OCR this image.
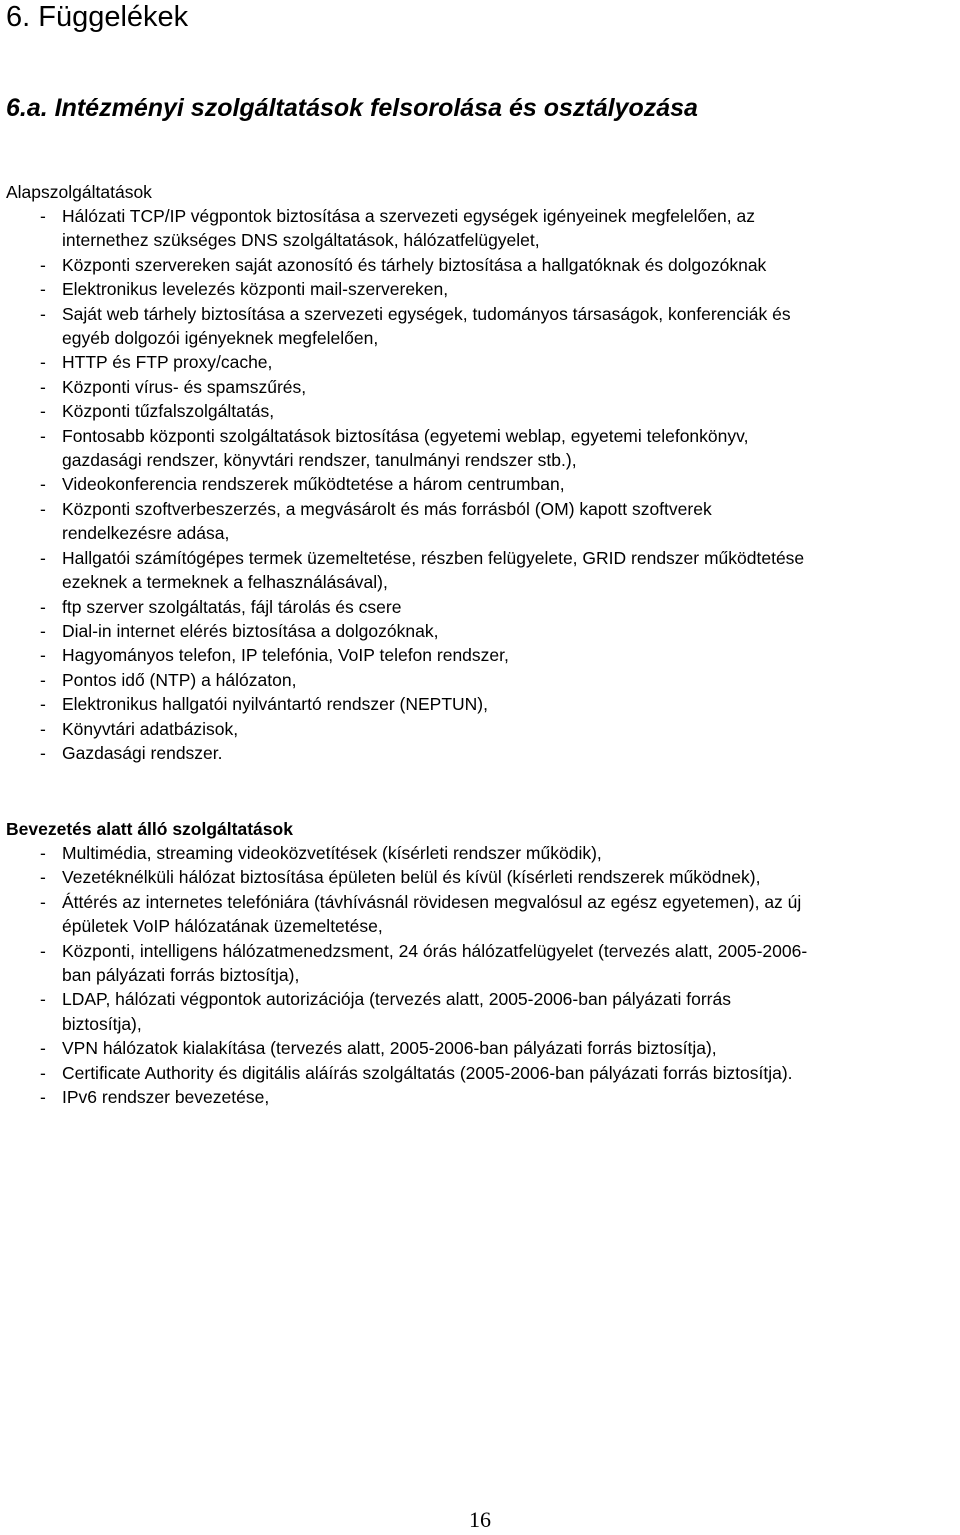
6. Függelékek
6.a. Intézményi szolgáltatások felsorolása és osztályozása
Alapszolgáltatások
- Hálózati TCP/IP végpontok biztosítása a szervezeti egységek igényeinek megfelelően, az
internethez szükséges DNS szolgáltatások, hálózatfelügyelet,
- Központi szervereken saját azonosító és tárhely biztosítása a hallgatóknak és dolgozóknak
- Elektronikus levelezés központi mail-szervereken,
- Saját web tárhely biztosítása a szervezeti egységek, tudományos társaságok, konferenciák és
egyéb dolgozói igényeknek megfelelően,
- HTTP és FTP proxy/cache,
- Központi vírus- és spamszűrés,
- Központi tűzfalszolgáltatás,
- Fontosabb központi szolgáltatások biztosítása (egyetemi weblap, egyetemi telefonkönyv,
gazdasági rendszer, könyvtári rendszer, tanulmányi rendszer stb.),
- Videokonferencia rendszerek működtetése a három centrumban,
- Központi szoftverbeszerzés, a megvásárolt és más forrásból (OM) kapott szoftverek
rendelkezésre adása,
- Hallgatói számítógépes termek üzemeltetése, részben felügyelete, GRID rendszer működtetése
ezeknek a termeknek a felhasználásával),
- ftp szerver szolgáltatás, fájl tárolás és csere
- Dial-in internet elérés biztosítása a dolgozóknak,
- Hagyományos telefon, IP telefónia, VoIP telefon rendszer,
- Pontos idő (NTP) a hálózaton,
- Elektronikus hallgatói nyilvántartó rendszer (NEPTUN),
- Könyvtári adatbázisok,
- Gazdasági rendszer.
Bevezetés alatt álló szolgáltatások
- Multimédia, streaming videoközvetítések (kísérleti rendszer működik),
- Vezetéknélküli hálózat biztosítása épületen belül és kívül (kísérleti rendszerek működnek),
- Áttérés az internetes telefóniára (távhívásnál rövidesen megvalósul az egész egyetemen), az új
épületek VoIP hálózatának üzemeltetése,
- Központi, intelligens hálózatmenedzsment, 24 órás hálózatfelügyelet (tervezés alatt, 2005-2006-
ban pályázati forrás biztosítja),
- LDAP, hálózati végpontok autorizációja (tervezés alatt, 2005-2006-ban pályázati forrás
biztosítja),
- VPN hálózatok kialakítása (tervezés alatt, 2005-2006-ban pályázati forrás biztosítja),
- Certificate Authority és digitális aláírás szolgáltatás (2005-2006-ban pályázati forrás biztosítja).
- IPv6 rendszer bevezetése,
16
